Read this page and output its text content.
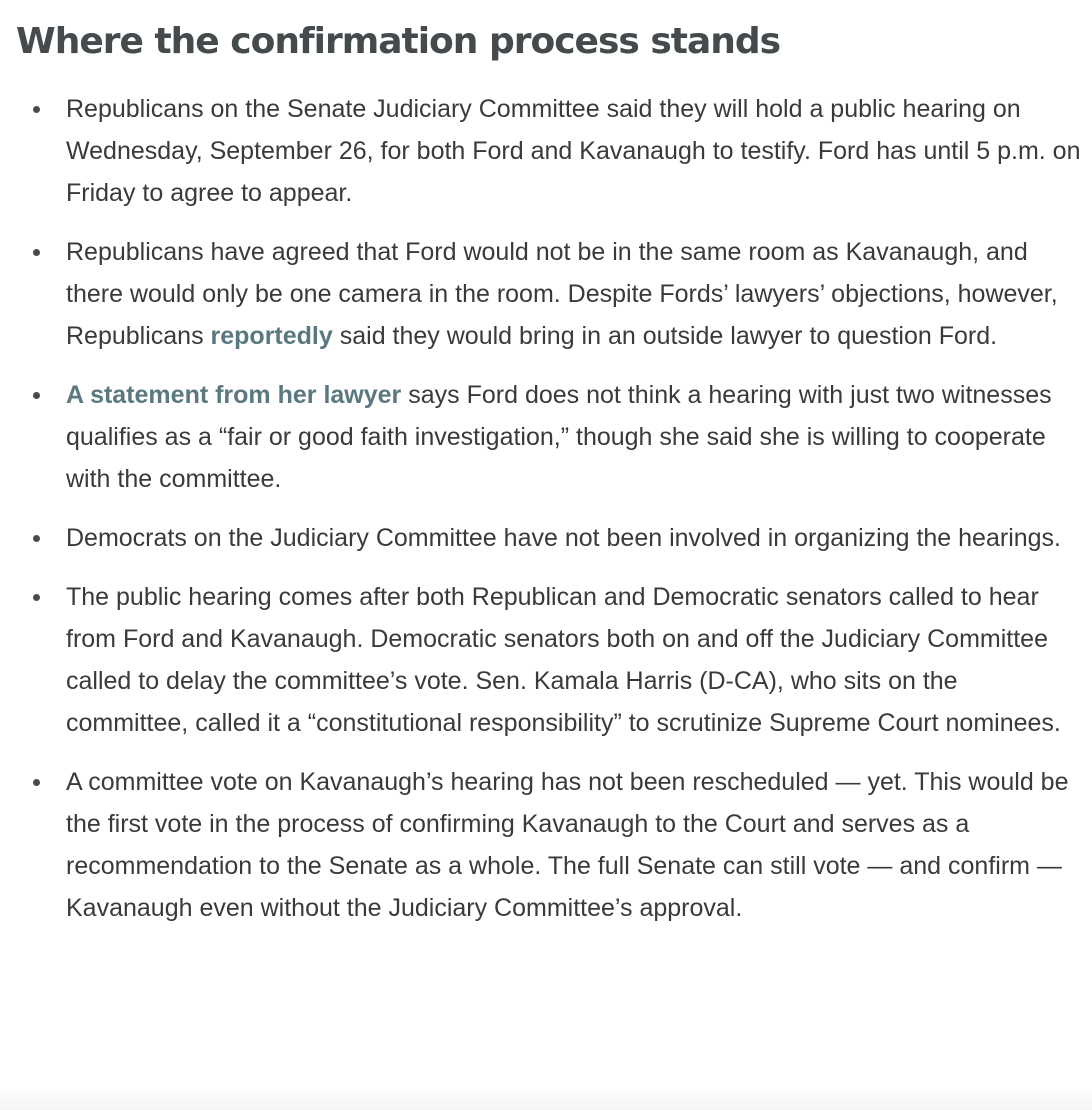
Where the confirmation process stands
Republicans on the Senate Judiciary Committee said they will hold a public hearing on Wednesday, September 26, for both Ford and Kavanaugh to testify. Ford has until 5 p.m. on Friday to agree to appear.
Republicans have agreed that Ford would not be in the same room as Kavanaugh, and there would only be one camera in the room. Despite Fords’ lawyers’ objections, however, Republicans reportedly said they would bring in an outside lawyer to question Ford.
A statement from her lawyer says Ford does not think a hearing with just two witnesses qualifies as a “fair or good faith investigation,” though she said she is willing to cooperate with the committee.
Democrats on the Judiciary Committee have not been involved in organizing the hearings.
The public hearing comes after both Republican and Democratic senators called to hear from Ford and Kavanaugh. Democratic senators both on and off the Judiciary Committee called to delay the committee’s vote. Sen. Kamala Harris (D-CA), who sits on the committee, called it a “constitutional responsibility” to scrutinize Supreme Court nominees.
A committee vote on Kavanaugh’s hearing has not been rescheduled — yet. This would be the first vote in the process of confirming Kavanaugh to the Court and serves as a recommendation to the Senate as a whole. The full Senate can still vote — and confirm — Kavanaugh even without the Judiciary Committee’s approval.
